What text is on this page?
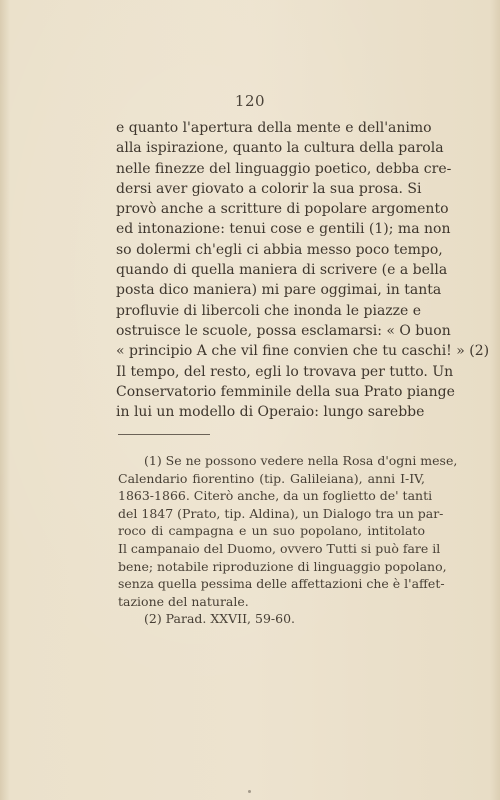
120
e quanto l'apertura della mente e dell'animo
alla ispirazione, quanto la cultura della parola
nelle finezze del linguaggio poetico, debba cre-
dersi aver giovato a colorir la sua prosa. Si
provò anche a scritture di popolare argomento
ed intonazione: tenui cose e gentili (1); ma non
so dolermi ch'egli ci abbia messo poco tempo,
quando di quella maniera di scrivere (e a bella
posta dico maniera) mi pare oggimai, in tanta
profluvie di libercoli che inonda le piazze e
ostruisce le scuole, possa esclamarsi: « O buon
« principio A che vil fine convien che tu caschi! » (2)
Il tempo, del resto, egli lo trovava per tutto. Un
Conservatorio femminile della sua Prato piange
in lui un modello di Operaio: lungo sarebbe
(1) Se ne possono vedere nella Rosa d'ogni mese,
Calendario fiorentino (tip. Galileiana), anni I-IV,
1863-1866. Citerò anche, da un foglietto de' tanti
del 1847 (Prato, tip. Aldina), un Dialogo tra un par-
roco di campagna e un suo popolano, intitolato
Il campanaio del Duomo, ovvero Tutti si può fare il
bene; notabile riproduzione di linguaggio popolano,
senza quella pessima delle affettazioni che è l'affet-
tazione del naturale.
(2) Parad. XXVII, 59-60.
